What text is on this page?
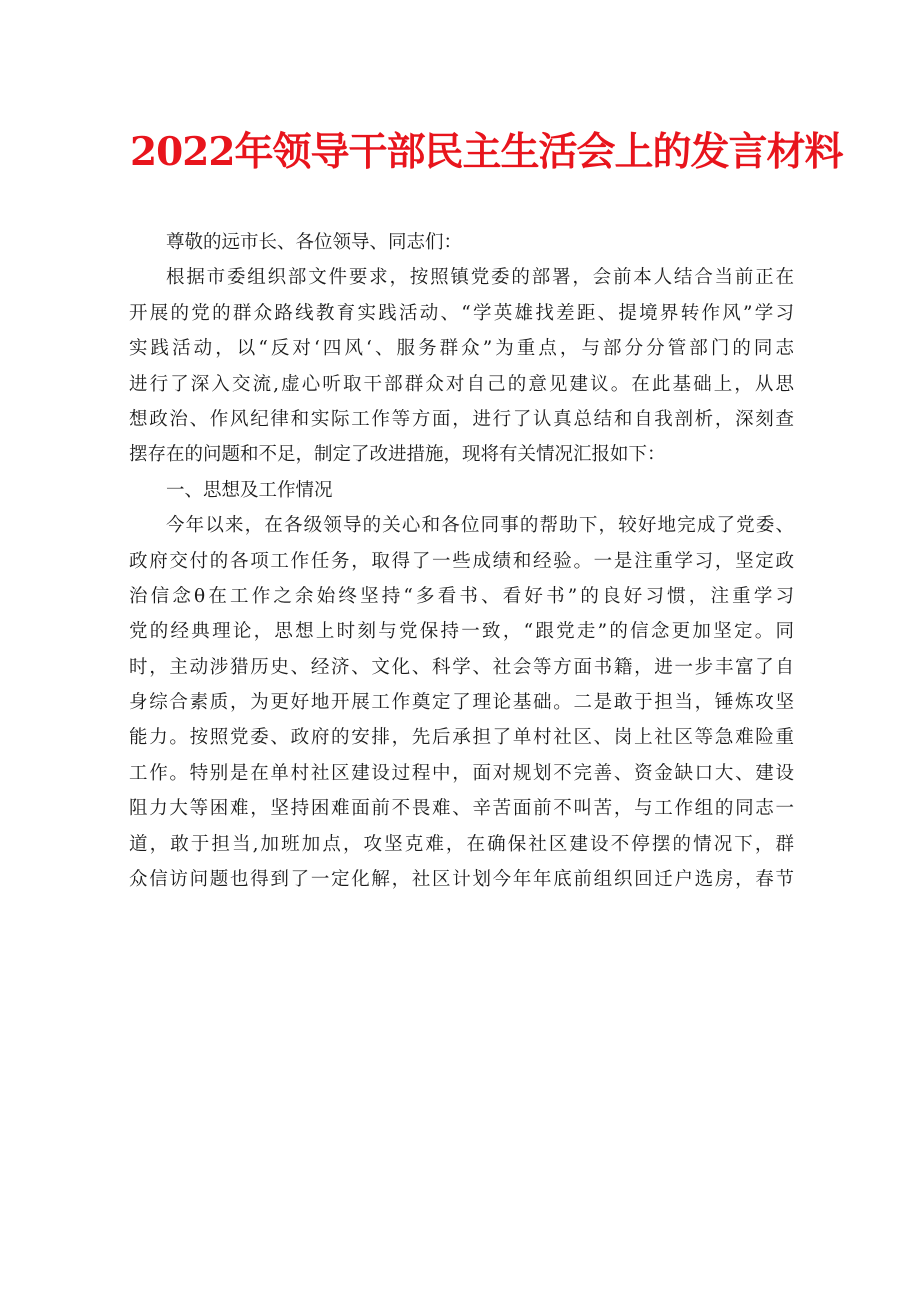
2022年领导干部民主生活会上的发言材料
尊敬的远市长、各位领导、同志们：
根据市委组织部文件要求，按照镇党委的部署，会前本人结合当前正在
开展的党的群众路线教育实践活动、“学英雄找差距、提境界转作风”学习
实践活动，以“反对‘四风‘、服务群众”为重点，与部分分管部门的同志
进行了深入交流,虚心听取干部群众对自己的意见建议。在此基础上，从思
想政治、作风纪律和实际工作等方面，进行了认真总结和自我剖析，深刻查
摆存在的问题和不足，制定了改进措施，现将有关情况汇报如下：
一、思想及工作情况
今年以来，在各级领导的关心和各位同事的帮助下，较好地完成了党委、
政府交付的各项工作任务，取得了一些成绩和经验。一是注重学习，坚定政
治信念θ在工作之余始终坚持“多看书、看好书”的良好习惯，注重学习
党的经典理论，思想上时刻与党保持一致，“跟党走”的信念更加坚定。同
时，主动涉猎历史、经济、文化、科学、社会等方面书籍，进一步丰富了自
身综合素质，为更好地开展工作奠定了理论基础。二是敢于担当，锤炼攻坚
能力。按照党委、政府的安排，先后承担了单村社区、岗上社区等急难险重
工作。特别是在单村社区建设过程中，面对规划不完善、资金缺口大、建设
阻力大等困难，坚持困难面前不畏难、辛苦面前不叫苦，与工作组的同志一
道，敢于担当,加班加点，攻坚克难，在确保社区建设不停摆的情况下，群
众信访问题也得到了一定化解，社区计划今年年底前组织回迁户选房，春节
